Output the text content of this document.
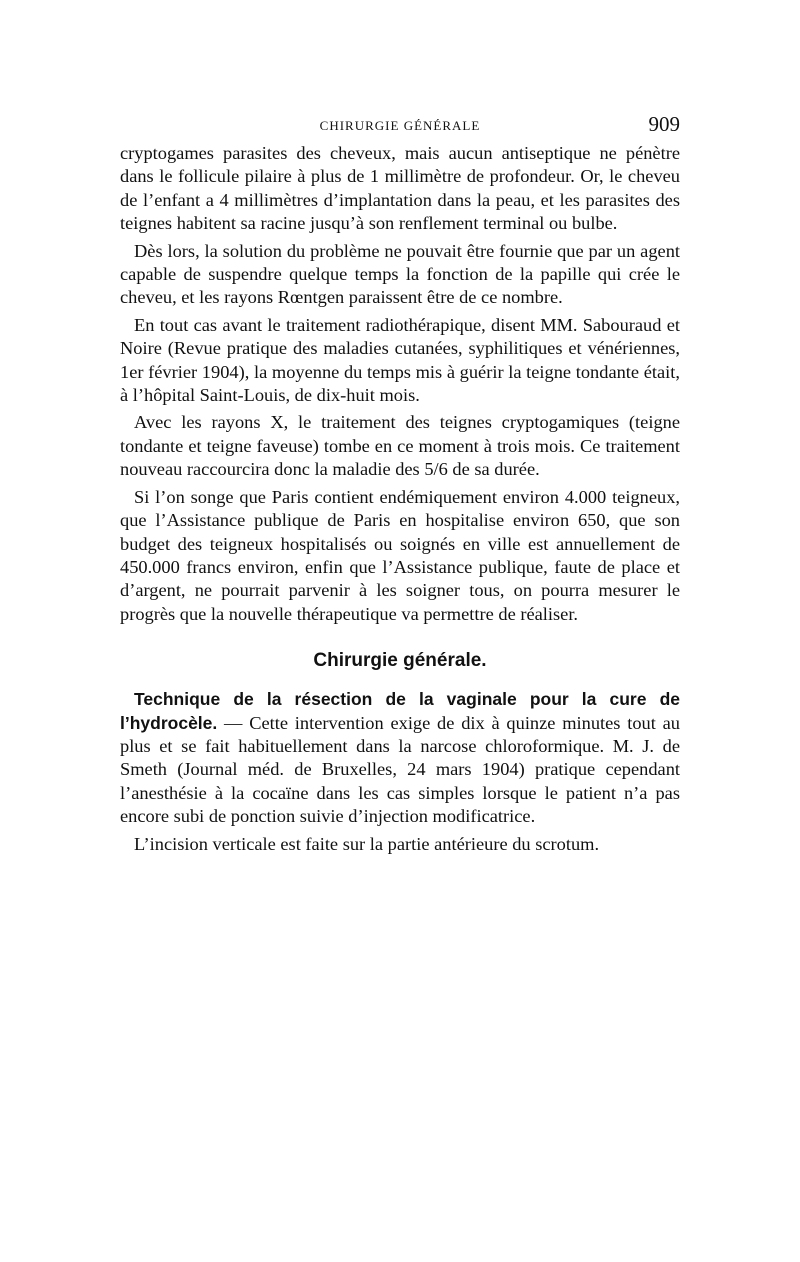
CHIRURGIE GÉNÉRALE	909

cryptogames parasites des cheveux, mais aucun antiseptique ne pénètre dans le follicule pilaire à plus de 1 millimètre de profondeur. Or, le cheveu de l’enfant a 4 millimètres d’implantation dans la peau, et les parasites des teignes habitent sa racine jusqu’à son renflement terminal ou bulbe.

Dès lors, la solution du problème ne pouvait être fournie que par un agent capable de suspendre quelque temps la fonction de la papille qui crée le cheveu, et les rayons Rœntgen paraissent être de ce nombre.

En tout cas avant le traitement radiothérapique, disent MM. Sabouraud et Noire (Revue pratique des maladies cutanées, syphilitiques et vénériennes, 1er février 1904), la moyenne du temps mis à guérir la teigne tondante était, à l’hôpital Saint-Louis, de dix-huit mois.

Avec les rayons X, le traitement des teignes cryptogamiques (teigne tondante et teigne faveuse) tombe en ce moment à trois mois. Ce traitement nouveau raccourcira donc la maladie des 5/6 de sa durée.

Si l’on songe que Paris contient endémiquement environ 4.000 teigneux, que l’Assistance publique de Paris en hospitalise environ 650, que son budget des teigneux hospitalisés ou soignés en ville est annuellement de 450.000 francs environ, enfin que l’Assistance publique, faute de place et d’argent, ne pourrait parvenir à les soigner tous, on pourra mesurer le progrès que la nouvelle thérapeutique va permettre de réaliser.

Chirurgie générale.

Technique de la résection de la vaginale pour la cure de l’hydrocèle. — Cette intervention exige de dix à quinze minutes tout au plus et se fait habituellement dans la narcose chloroformique. M. J. de Smeth (Journal méd. de Bruxelles, 24 mars 1904) pratique cependant l’anesthésie à la cocaïne dans les cas simples lorsque le patient n’a pas encore subi de ponction suivie d’injection modificatrice.

L’incision verticale est faite sur la partie antérieure du scrotum.
